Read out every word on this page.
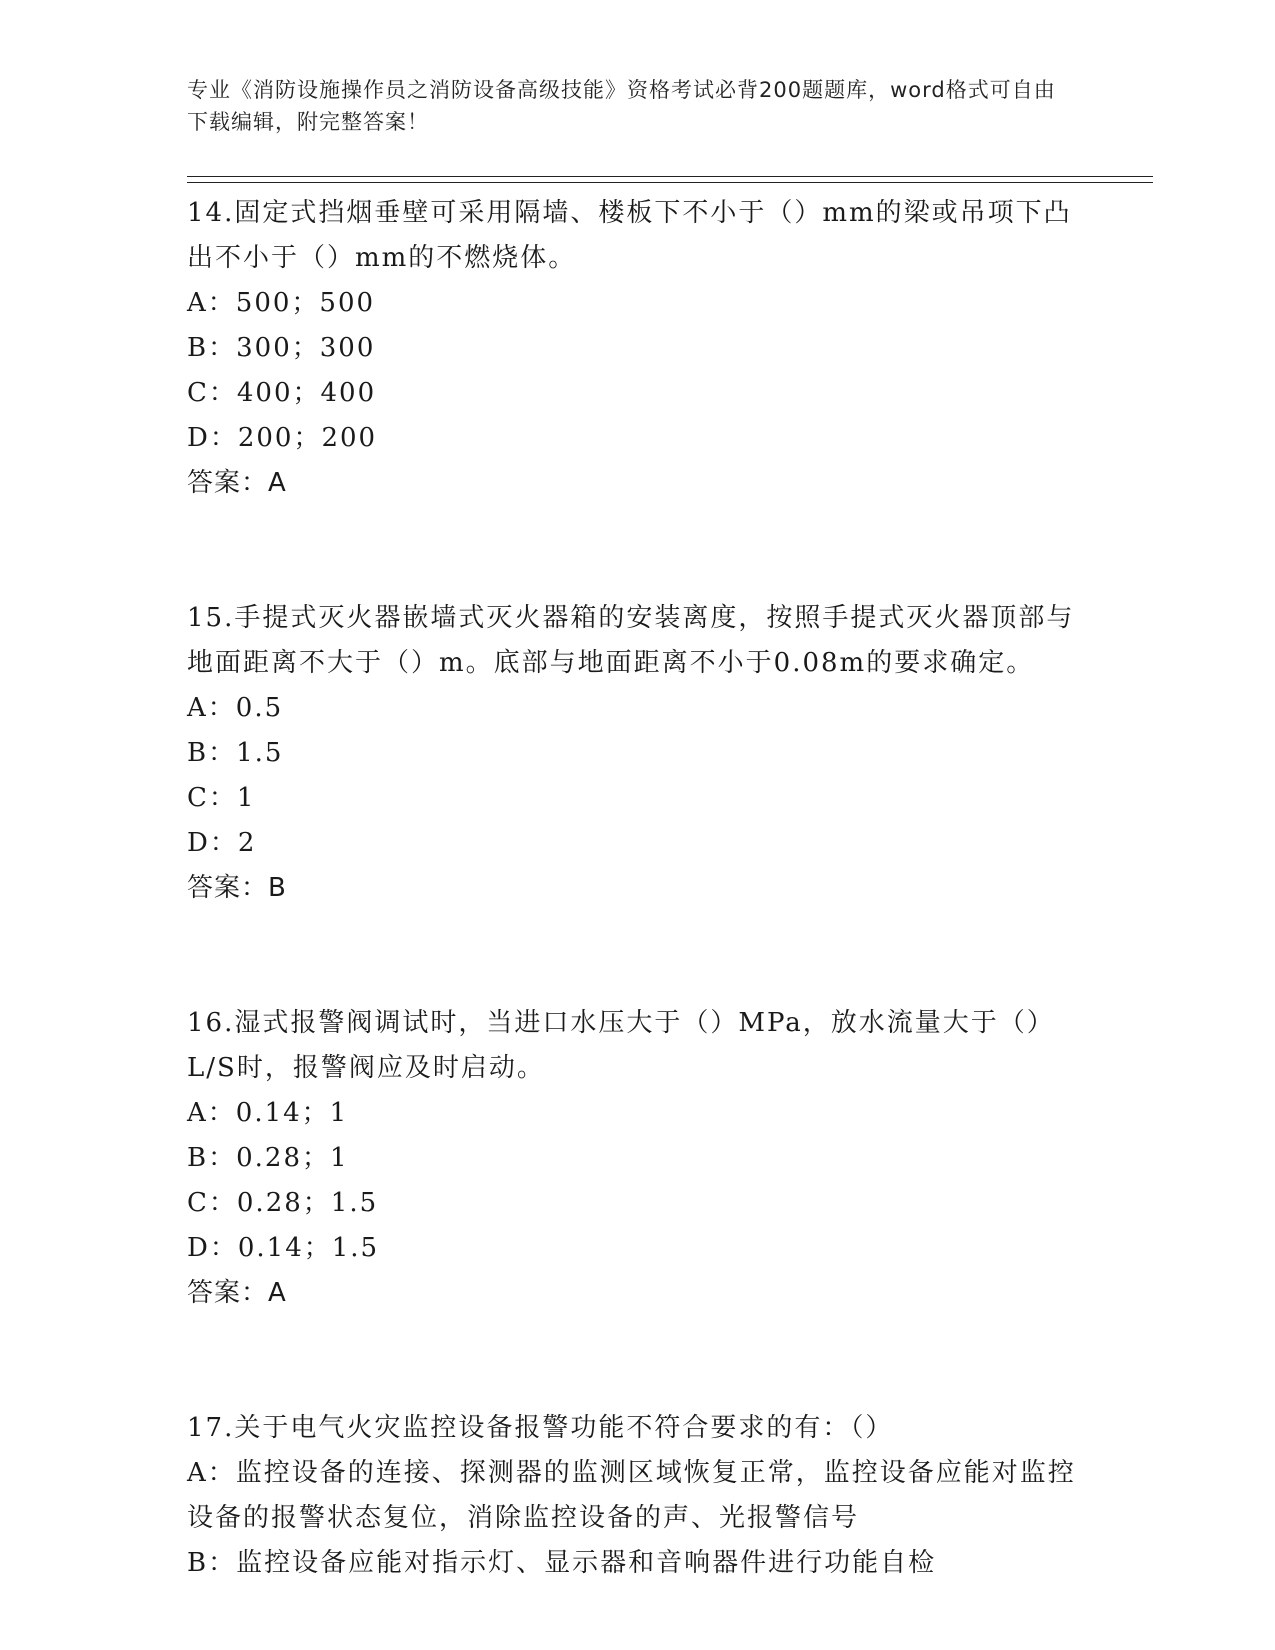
专业《消防设施操作员之消防设备高级技能》资格考试必背200题题库，word格式可自由下载编辑，附完整答案！
14.固定式挡烟垂壁可采用隔墙、楼板下不小于（）mm的梁或吊项下凸出不小于（）mm的不燃烧体。
A：500；500
B：300；300
C：400；400
D：200；200
答案：A
15.手提式灭火器嵌墙式灭火器箱的安装离度，按照手提式灭火器顶部与地面距离不大于（）m。底部与地面距离不小于0.08m的要求确定。
A：0.5
B：1.5
C：1
D：2
答案：B
16.湿式报警阀调试时，当进口水压大于（）MPa，放水流量大于（）L/S时，报警阀应及时启动。
A：0.14；1
B：0.28；1
C：0.28；1.5
D：0.14；1.5
答案：A
17.关于电气火灾监控设备报警功能不符合要求的有：（）
A：监控设备的连接、探测器的监测区域恢复正常，监控设备应能对监控设备的报警状态复位，消除监控设备的声、光报警信号
B：监控设备应能对指示灯、显示器和音响器件进行功能自检
